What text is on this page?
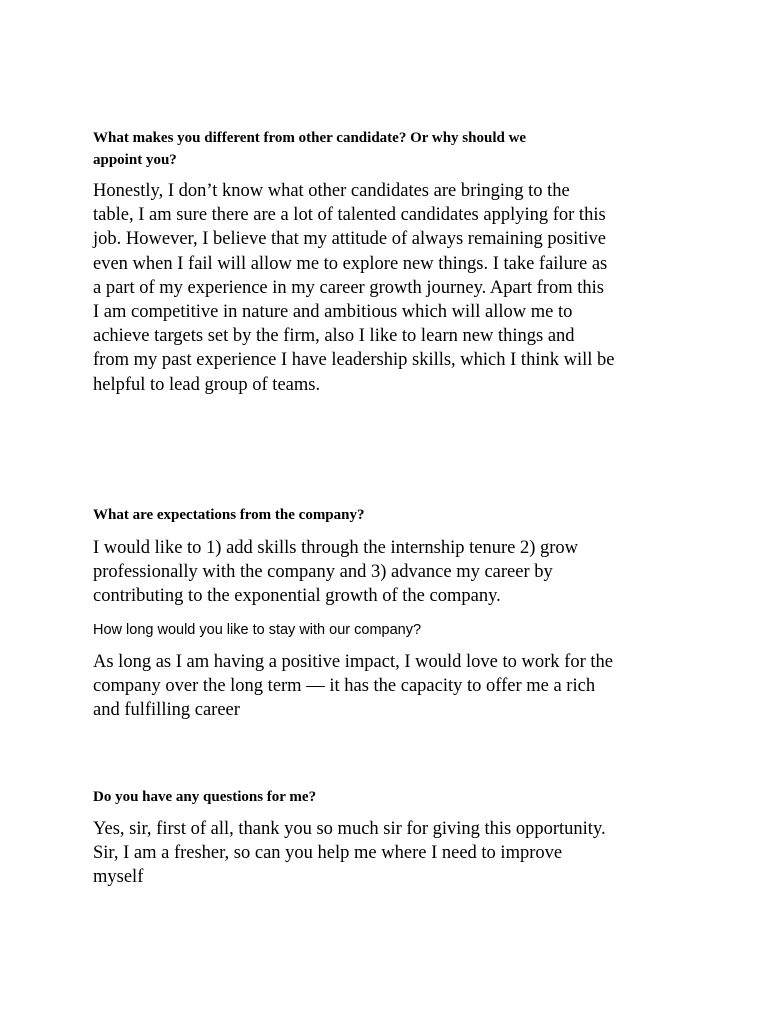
What makes you different from other candidate? Or why should we
appoint you?

Honestly, I don’t know what other candidates are bringing to the
table, I am sure there are a lot of talented candidates applying for this
job. However, I believe that my attitude of always remaining positive
even when I fail will allow me to explore new things. I take failure as
a part of my experience in my career growth journey. Apart from this
I am competitive in nature and ambitious which will allow me to
achieve targets set by the firm, also I like to learn new things and
from my past experience I have leadership skills, which I think will be
helpful to lead group of teams.

What are expectations from the company?

I would like to 1) add skills through the internship tenure 2) grow
professionally with the company and 3) advance my career by
contributing to the exponential growth of the company.

How long would you like to stay with our company?

As long as I am having a positive impact, I would love to work for the
company over the long term — it has the capacity to offer me a rich
and fulfilling career

Do you have any questions for me?

Yes, sir, first of all, thank you so much sir for giving this opportunity.
Sir, I am a fresher, so can you help me where I need to improve
myself
